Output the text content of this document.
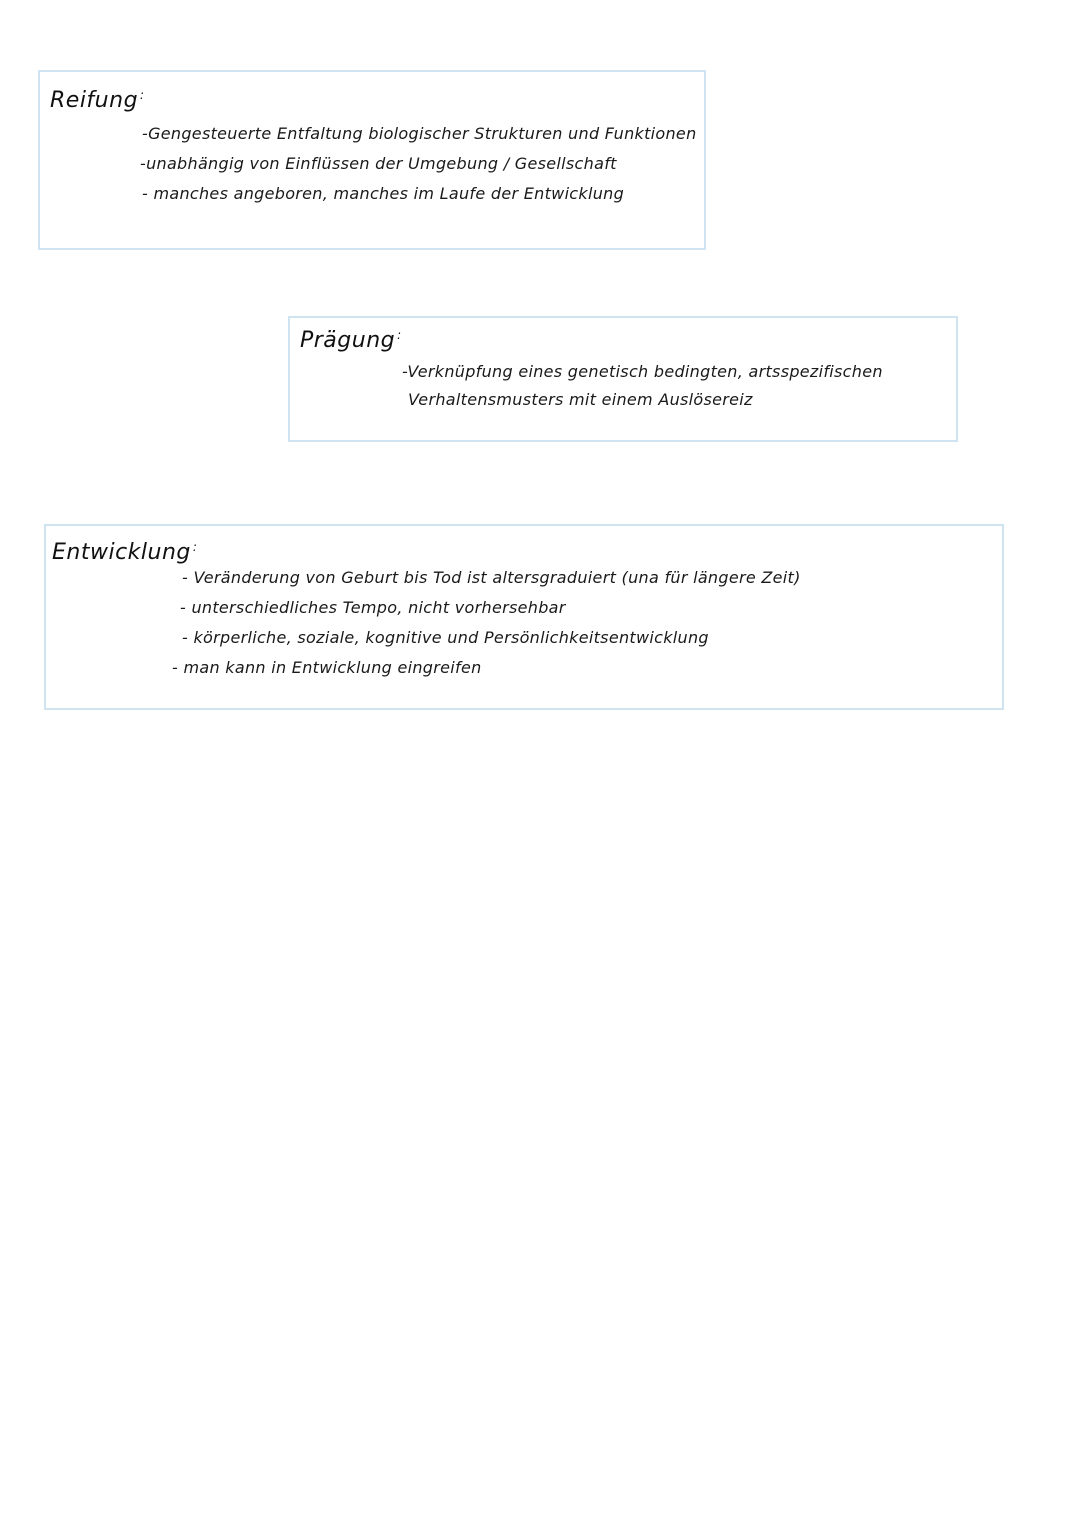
Reifung :
-Gengesteuerte Entfaltung biologischer Strukturen und Funktionen
-unabhängig von Einflüssen der Umgebung / Gesellschaft
- manches angeboren, manches im Laufe der Entwicklung
Prägung :
-Verknüpfung eines genetisch bedingten, artsspezifischen
Verhaltensmusters mit einem Auslösereiz
Entwicklung :
- Veränderung von Geburt bis Tod ist altersgraduiert (una für längere Zeit)
- unterschiedliches Tempo, nicht vorhersehbar
- körperliche, soziale, kognitive und Persönlichkeitsentwicklung
- man kann in Entwicklung eingreifen
